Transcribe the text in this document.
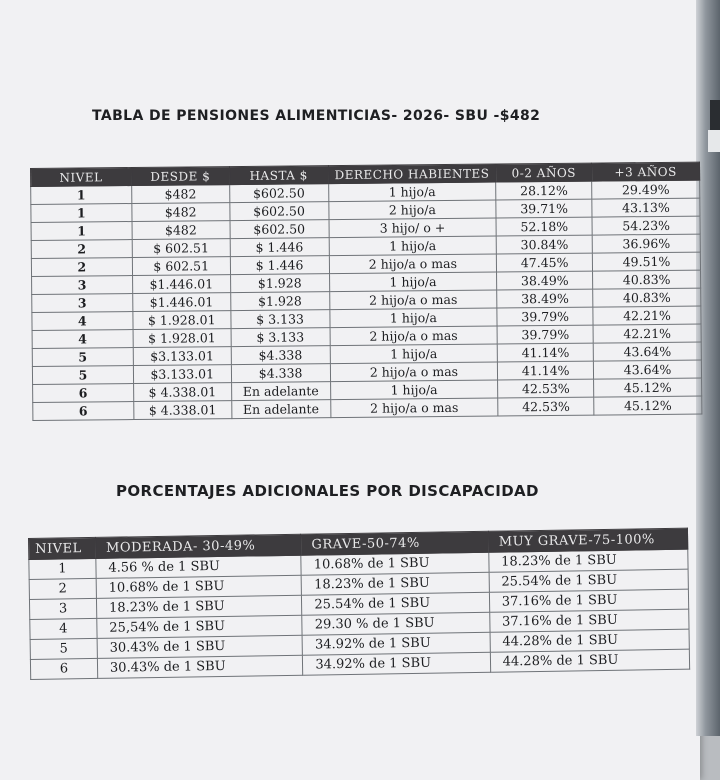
TABLA DE PENSIONES ALIMENTICIAS- 2026- SBU -$482
NIVEL	DESDE $	HASTA $	DERECHO HABIENTES	0-2 AÑOS	+3 AÑOS
1	$482	$602.50	1 hijo/a	28.12%	29.49%
1	$482	$602.50	2 hijo/a	39.71%	43.13%
1	$482	$602.50	3 hijo/ o +	52.18%	54.23%
2	$ 602.51	$ 1.446	1 hijo/a	30.84%	36.96%
2	$ 602.51	$ 1.446	2 hijo/a o mas	47.45%	49.51%
3	$1.446.01	$1.928	1 hijo/a	38.49%	40.83%
3	$1.446.01	$1.928	2 hijo/a o mas	38.49%	40.83%
4	$ 1.928.01	$ 3.133	1 hijo/a	39.79%	42.21%
4	$ 1.928.01	$ 3.133	2 hijo/a o mas	39.79%	42.21%
5	$3.133.01	$4.338	1 hijo/a	41.14%	43.64%
5	$3.133.01	$4.338	2 hijo/a o mas	41.14%	43.64%
6	$ 4.338.01	En adelante	1 hijo/a	42.53%	45.12%
6	$ 4.338.01	En adelante	2 hijo/a o mas	42.53%	45.12%
PORCENTAJES ADICIONALES POR DISCAPACIDAD
NIVEL	MODERADA- 30-49%	GRAVE-50-74%	MUY GRAVE-75-100%
1	4.56 % de 1 SBU	10.68% de 1 SBU	18.23% de 1 SBU
2	10.68% de 1 SBU	18.23% de 1 SBU	25.54% de 1 SBU
3	18.23% de 1 SBU	25.54% de 1 SBU	37.16% de 1 SBU
4	25,54% de 1 SBU	29.30 % de 1 SBU	37.16% de 1 SBU
5	30.43% de 1 SBU	34.92% de 1 SBU	44.28% de 1 SBU
6	30.43% de 1 SBU	34.92% de 1 SBU	44.28% de 1 SBU
